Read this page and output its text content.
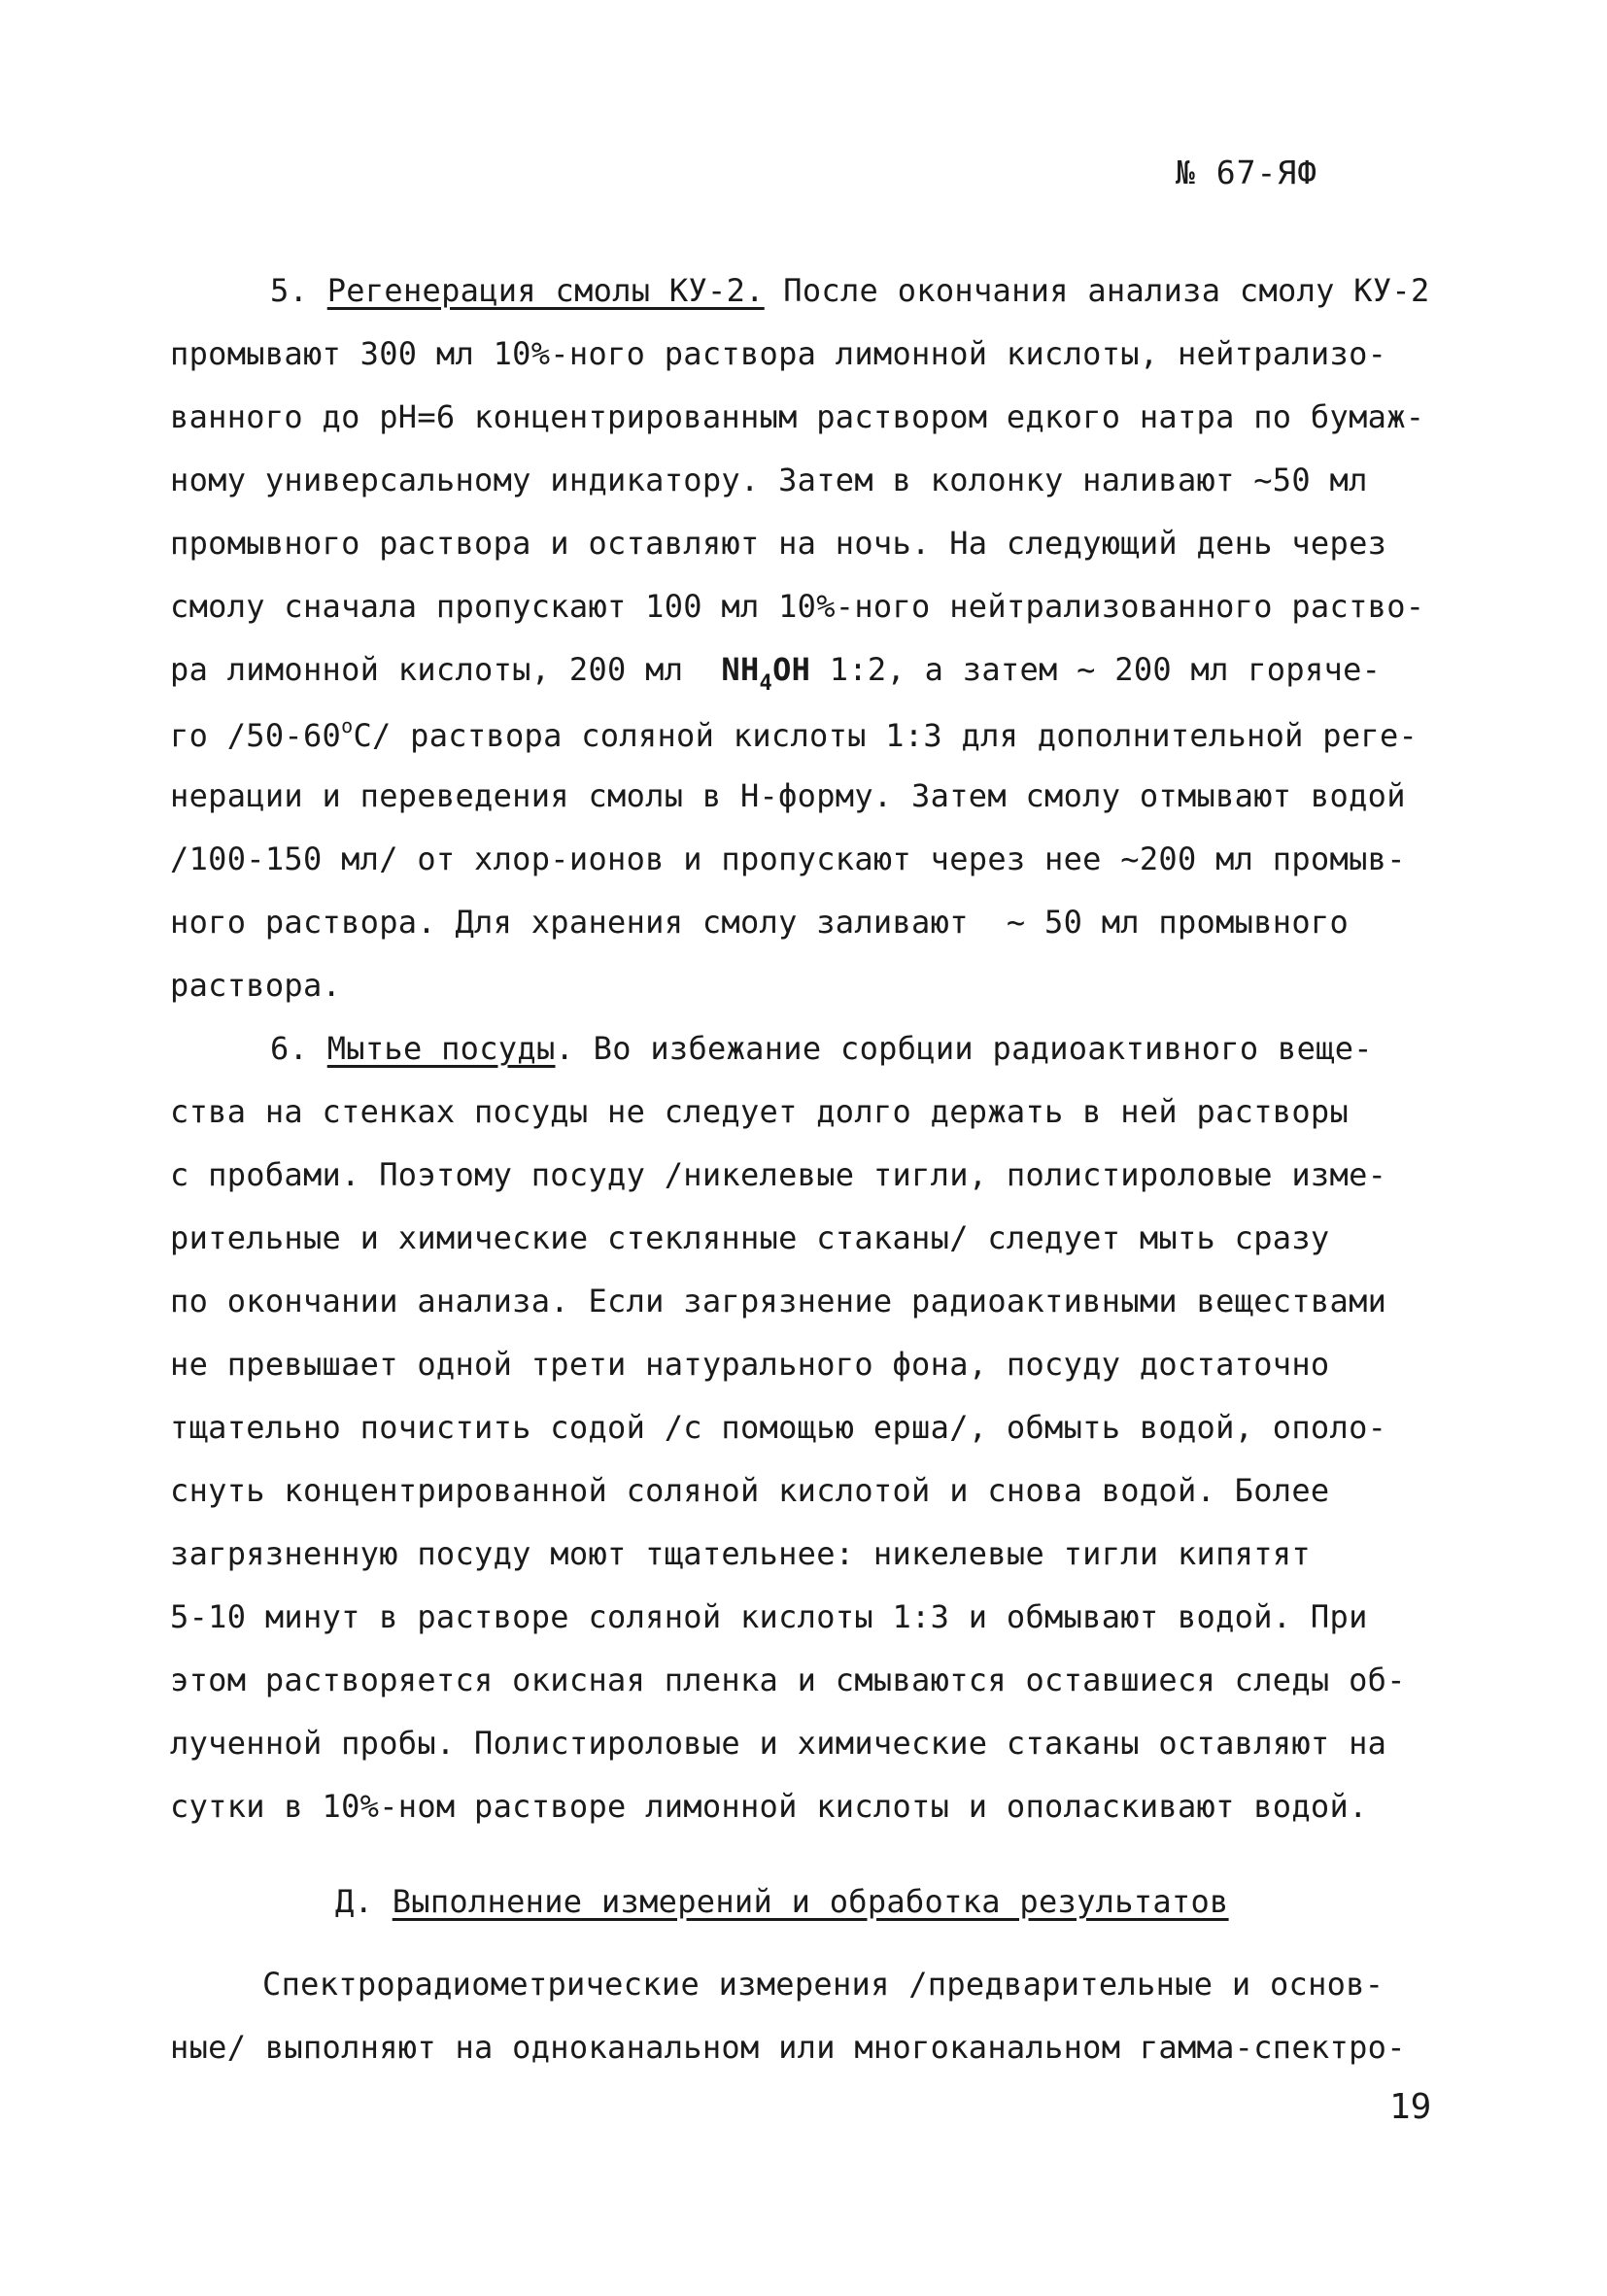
№ 67-ЯФ
5. Регенерация смолы КУ-2. После окончания анализа смолу КУ-2
промывают 300 мл 10%-ного раствора лимонной кислоты, нейтрализо-
ванного до pH=6 концентрированным раствором едкого натра по бумаж-
ному универсальному индикатору. Затем в колонку наливают ~50 мл
промывного раствора и оставляют на ночь. На следующий день через
смолу сначала пропускают 100 мл 10%-ного нейтрализованного раство-
ра лимонной кислоты, 200 мл  $NH_4OH$ 1:2, а затем ~ 200 мл горяче-
го $/50-60^оС/$ раствора соляной кислоты 1:3 для дополнительной реге-
нерации и переведения смолы в Н-форму. Затем смолу отмывают водой
/100-150 мл/ от хлор-ионов и пропускают через нее ~200 мл промыв-
ного раствора. Для хранения смолу заливают  ~ 50 мл промывного
раствора.
6. Мытье посуды. Во избежание сорбции радиоактивного веще-
ства на стенках посуды не следует долго держать в ней растворы
с пробами. Поэтому посуду /никелевые тигли, полистироловые изме-
рительные и химические стеклянные стаканы/ следует мыть сразу
по окончании анализа. Если загрязнение радиоактивными веществами
не превышает одной трети натурального фона, посуду достаточно
тщательно почистить содой /с помощью ерша/, обмыть водой, ополо-
снуть концентрированной соляной кислотой и снова водой. Более
загрязненную посуду моют тщательнее: никелевые тигли кипятят
5-10 минут в растворе соляной кислоты 1:3 и обмывают водой. При
этом растворяется окисная пленка и смываются оставшиеся следы об-
лученной пробы. Полистироловые и химические стаканы оставляют на
сутки в 10%-ном растворе лимонной кислоты и ополаскивают водой.
Д. Выполнение измерений и обработка результатов
Спектрорадиометрические измерения /предварительные и основ-
ные/ выполняют на одноканальном или многоканальном гамма-спектро-
19
